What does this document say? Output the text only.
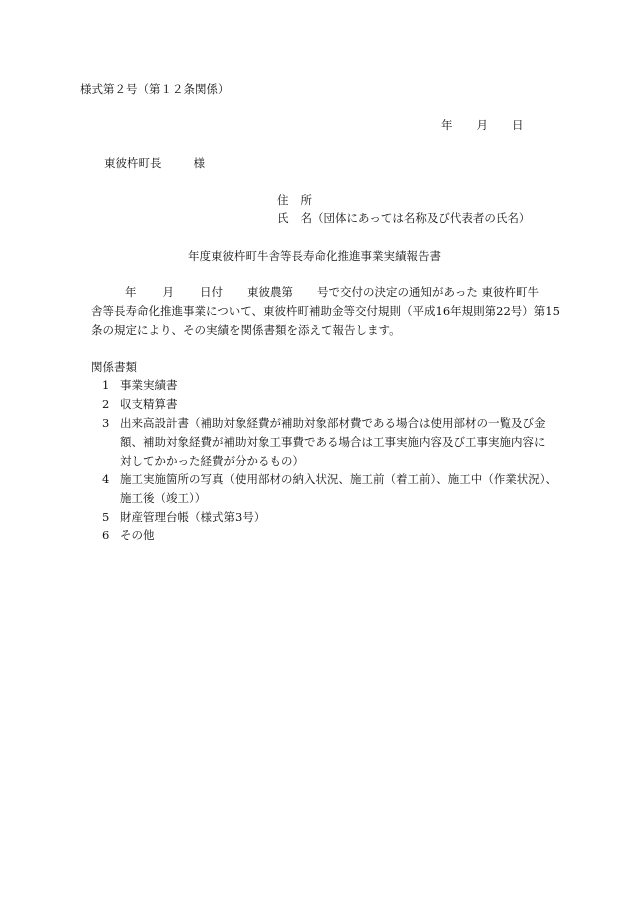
様式第２号（第１２条関係）
年 月 日
東彼杵町長	様
住 所
氏 名（団体にあっては名称及び代表者の氏名）
年度東彼杵町牛舎等長寿命化推進事業実績報告書
年 月 日付 東彼農第 号で交付の決定の通知があった 東彼杵町牛
舎等長寿命化推進事業について、東彼杵町補助金等交付規則（平成16年規則第22号）第15
条の規定により、その実績を関係書類を添えて報告します。
関係書類
1 事業実績書
2 収支精算書
3 出来高設計書（補助対象経費が補助対象部材費である場合は使用部材の一覧及び金
額、補助対象経費が補助対象工事費である場合は工事実施内容及び工事実施内容に
対してかかった経費が分かるもの）
4 施工実施箇所の写真（使用部材の納入状況、施工前（着工前）、施工中（作業状況）、
施工後（竣工））
5 財産管理台帳（様式第3号）
6 その他
